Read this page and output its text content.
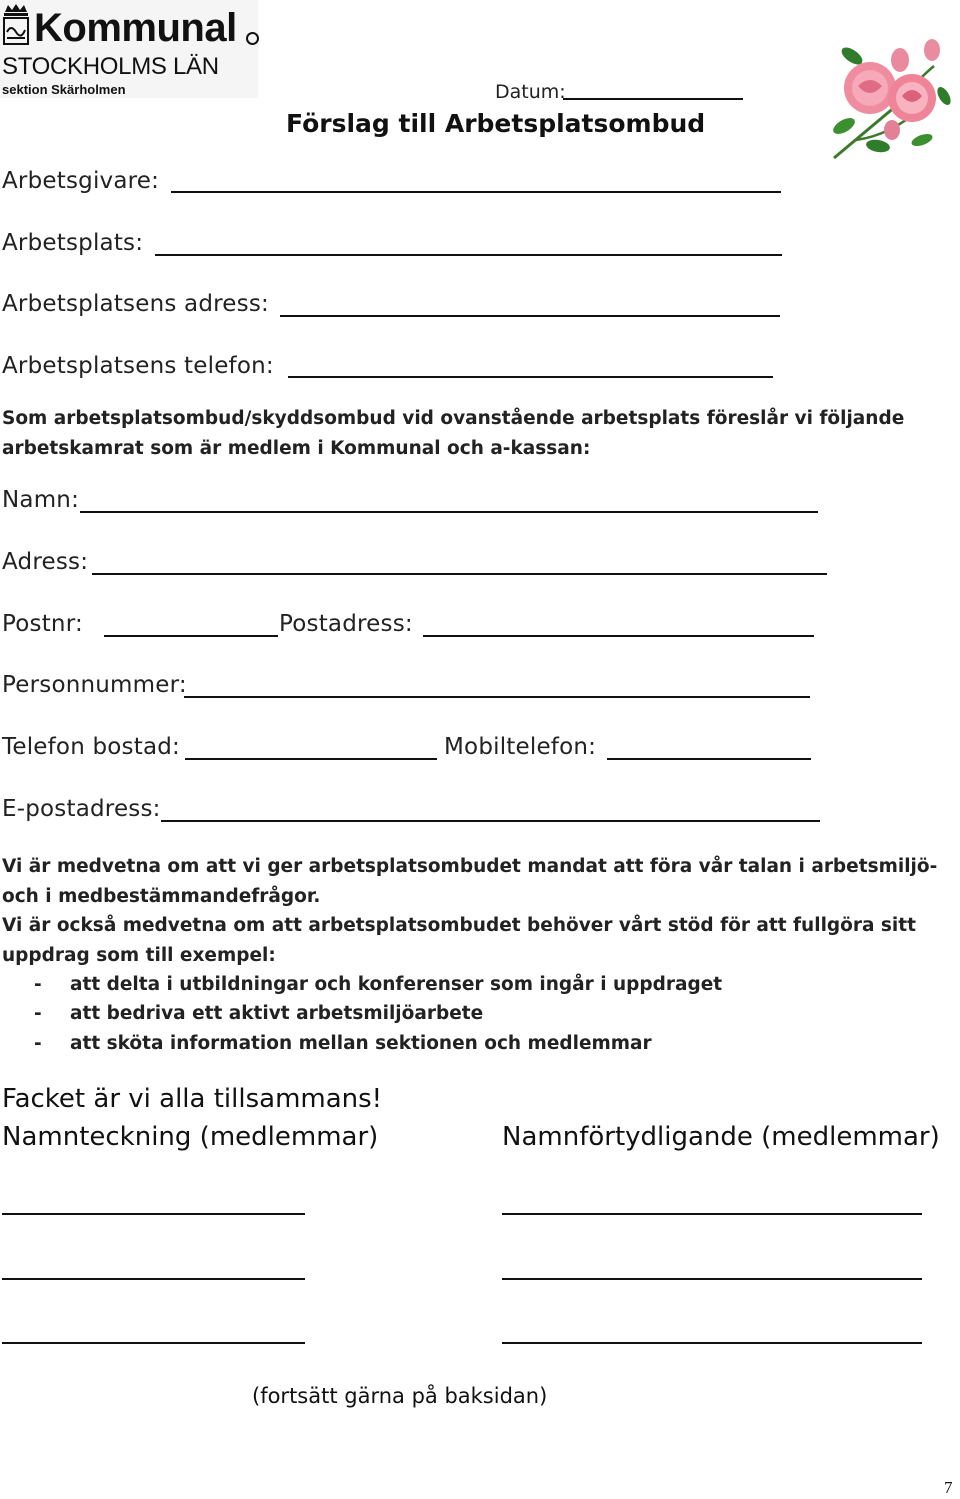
Kommunal
STOCKHOLMS LÄN
sektion Skärholmen	Datum:
Förslag till Arbetsplatsombud
Arbetsgivare:
Arbetsplats:
Arbetsplatsens adress:
Arbetsplatsens telefon:
Som arbetsplatsombud/skyddsombud vid ovanstående arbetsplats föreslår vi följande
arbetskamrat som är medlem i Kommunal och a-kassan:
Namn:
Adress:
Postnr:	Postadress:
Personnummer:
Telefon bostad:	Mobiltelefon:
E-postadress:
Vi är medvetna om att vi ger arbetsplatsombudet mandat att föra vår talan i arbetsmiljö-
och i medbestämmandefrågor.
Vi är också medvetna om att arbetsplatsombudet behöver vårt stöd för att fullgöra sitt
uppdrag som till exempel:
- att delta i utbildningar och konferenser som ingår i uppdraget
- att bedriva ett aktivt arbetsmiljöarbete
- att sköta information mellan sektionen och medlemmar
Facket är vi alla tillsammans!
Namnteckning (medlemmar)	Namnförtydligande (medlemmar)
(fortsätt gärna på baksidan)
7
